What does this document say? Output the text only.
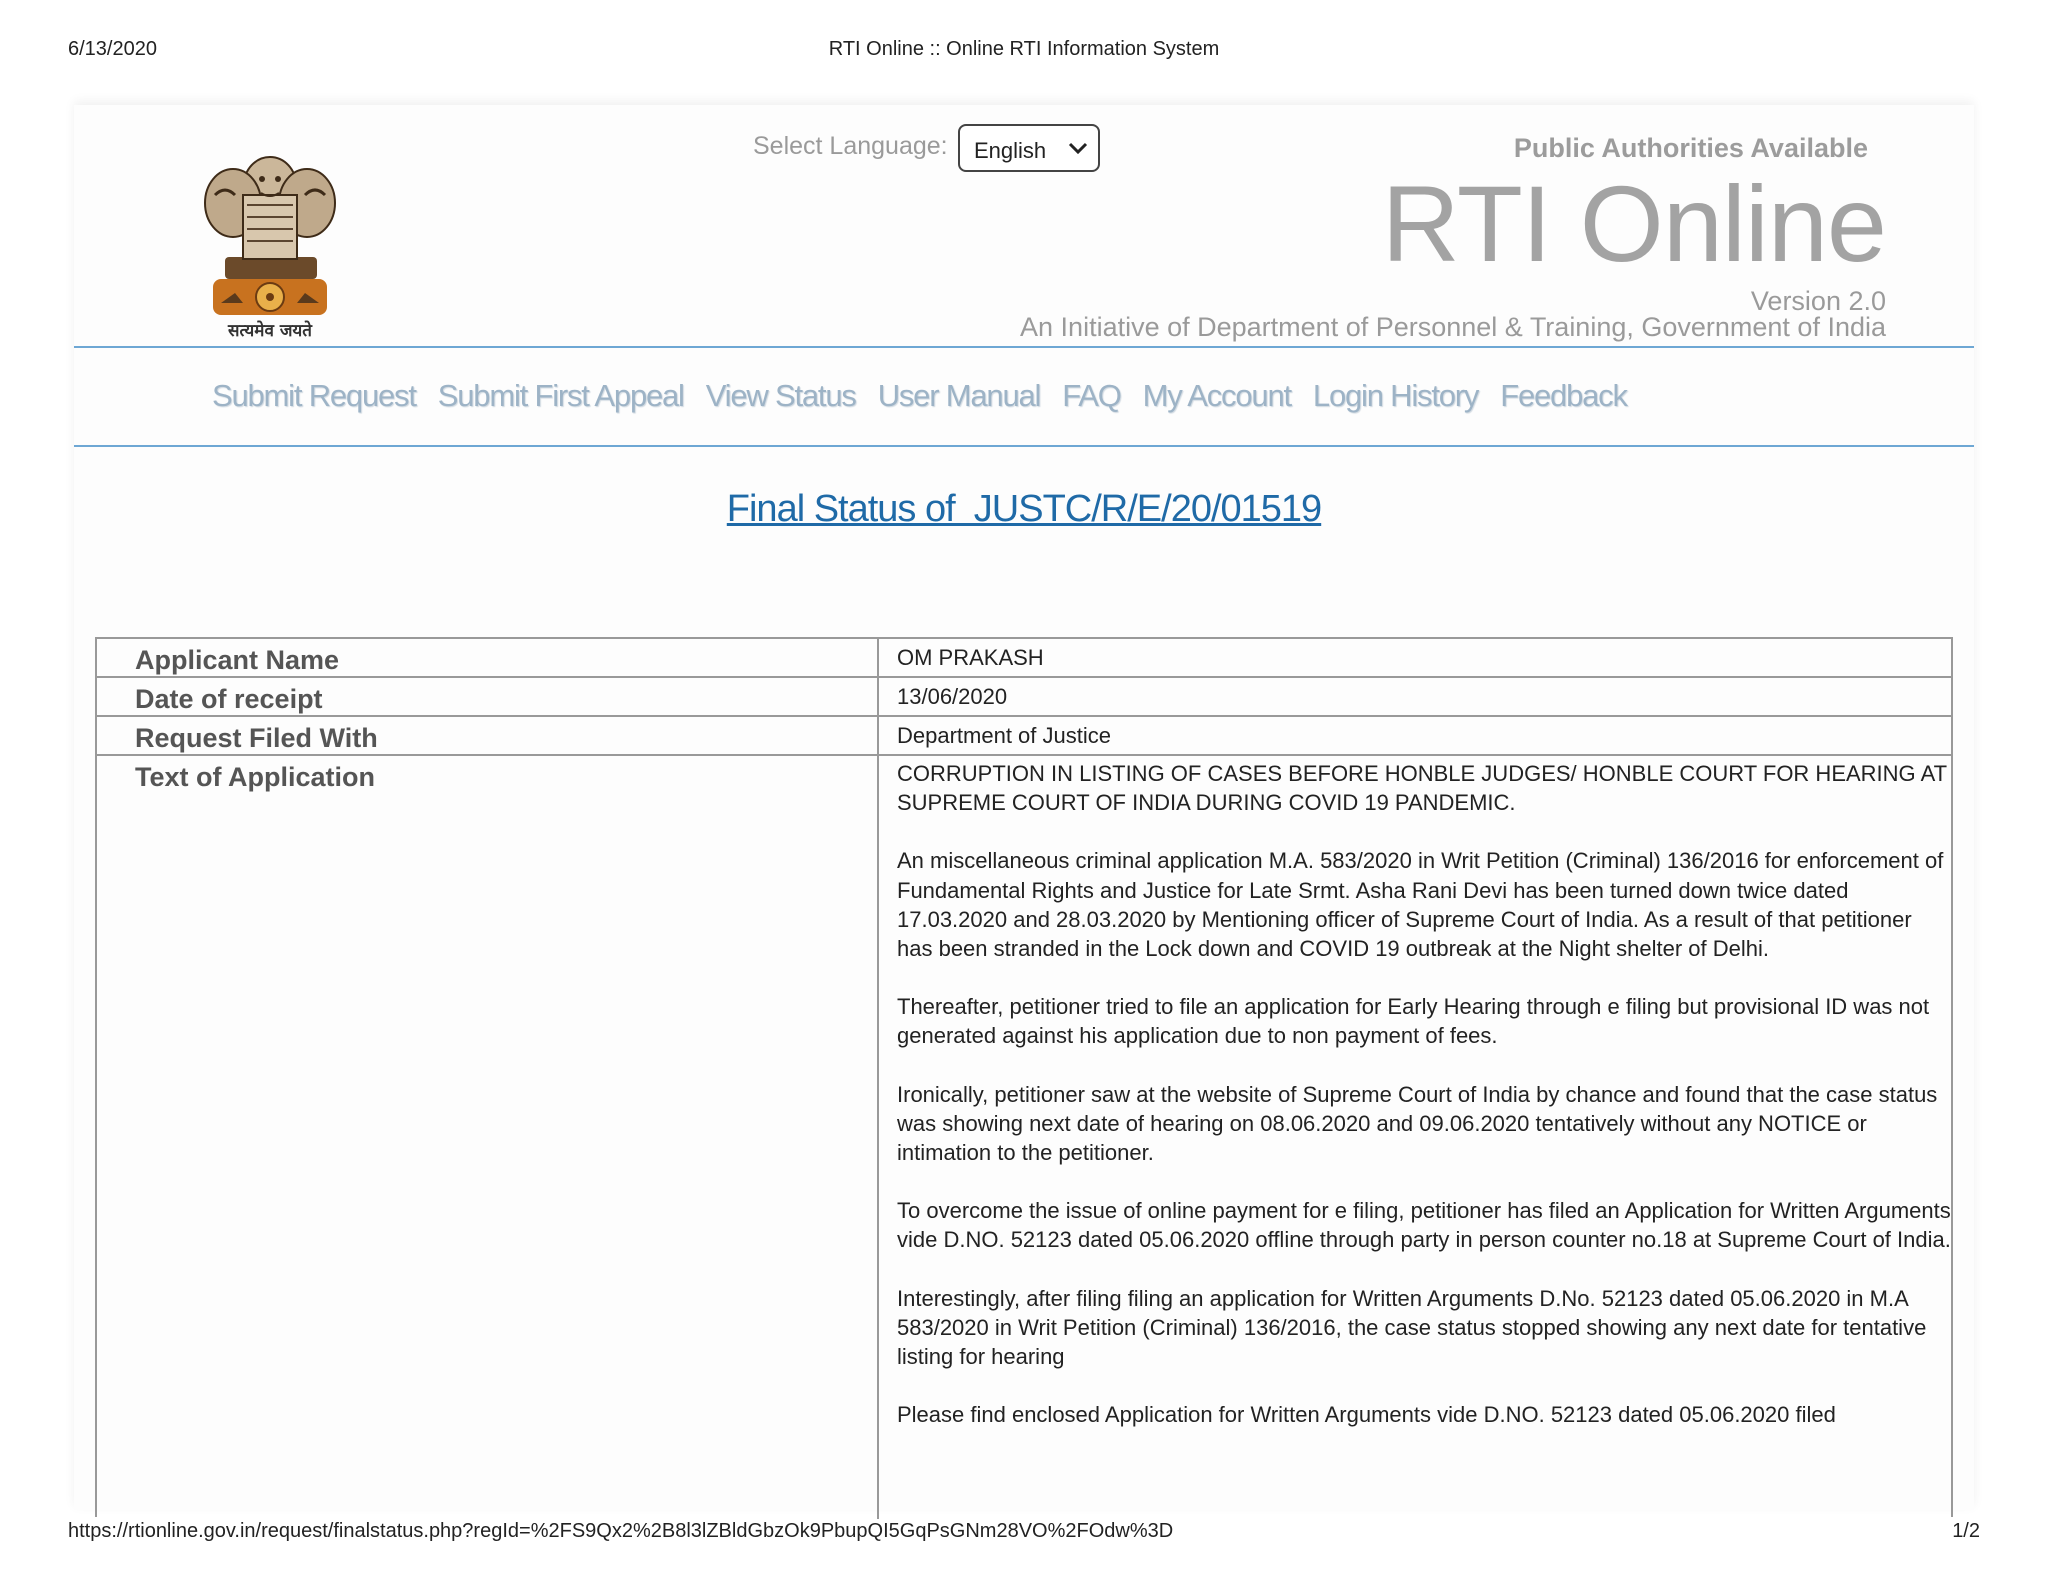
6/13/2020	RTI Online :: Online RTI Information System
सत्यमेव जयते
Select Language: English	Public Authorities Available
RTI Online
Version 2.0
An Initiative of Department of Personnel & Training, Government of India
Submit Request Submit First Appeal View Status User Manual FAQ My Account Login History Feedback
Final Status of  JUSTC/R/E/20/01519
Applicant Name	OM PRAKASH
Date of receipt	13/06/2020
Request Filed With	Department of Justice
Text of Application	CORRUPTION IN LISTING OF CASES BEFORE HONBLE JUDGES/ HONBLE COURT FOR HEARING AT SUPREME COURT OF INDIA DURING COVID 19 PANDEMIC.

An miscellaneous criminal application M.A. 583/2020 in Writ Petition (Criminal) 136/2016 for enforcement of Fundamental Rights and Justice for Late Srmt. Asha Rani Devi has been turned down twice dated 17.03.2020 and 28.03.2020 by Mentioning officer of Supreme Court of India. As a result of that petitioner has been stranded in the Lock down and COVID 19 outbreak at the Night shelter of Delhi.

Thereafter, petitioner tried to file an application for Early Hearing through e filing but provisional ID was not generated against his application due to non payment of fees.

Ironically, petitioner saw at the website of Supreme Court of India by chance and found that the case status was showing next date of hearing on 08.06.2020 and 09.06.2020 tentatively without any NOTICE or intimation to the petitioner.

To overcome the issue of online payment for e filing, petitioner has filed an Application for Written Arguments vide D.NO. 52123 dated 05.06.2020 offline through party in person counter no.18 at Supreme Court of India.

Interestingly, after filing filing an application for Written Arguments D.No. 52123 dated 05.06.2020 in M.A 583/2020 in Writ Petition (Criminal) 136/2016, the case status stopped showing any next date for tentative listing for hearing

Please find enclosed Application for Written Arguments vide D.NO. 52123 dated 05.06.2020 filed

https://rtionline.gov.in/request/finalstatus.php?regId=%2FS9Qx2%2B8l3lZBldGbzOk9PbupQI5GqPsGNm28VO%2FOdw%3D	1/2
